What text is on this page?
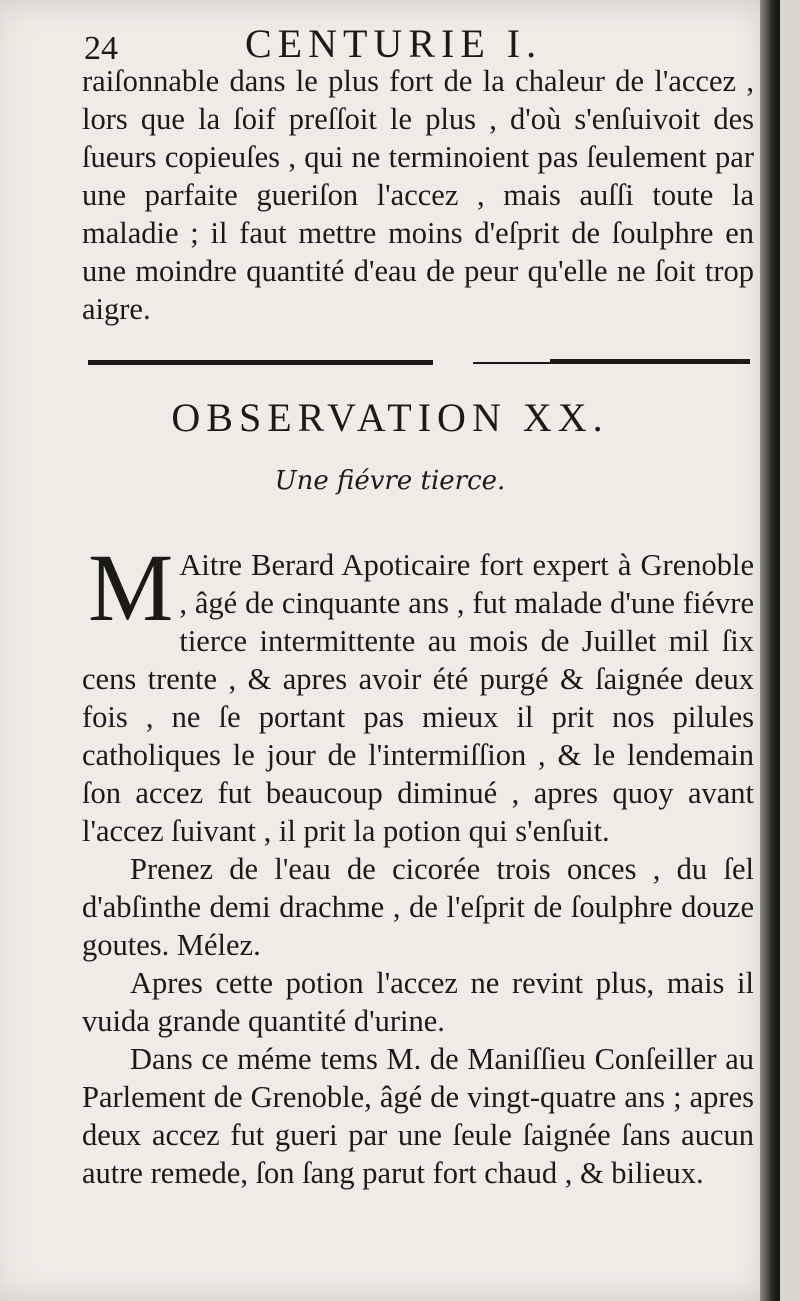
24	CENTURIE I.

raiſonnable dans le plus fort de la chaleur de l'accez , lors que la ſoif preſſoit le plus , d'où s'enſuivoit des ſueurs copieuſes , qui ne terminoient pas ſeulement par une parfaite gueriſon l'accez , mais auſſi toute la maladie ; il faut mettre moins d'eſprit de ſoulphre en une moindre quantité d'eau de peur qu'elle ne ſoit trop aigre.

OBSERVATION XX.
Une fiévre tierce.

M Aitre Berard Apoticaire fort expert à Grenoble , âgé de cinquante ans , fut malade d'une fiévre tierce intermittente au mois de Juillet mil ſix cens trente , & apres avoir été purgé & ſaignée deux fois , ne ſe portant pas mieux il prit nos pilules catholiques le jour de l'intermiſſion , & le lendemain ſon accez fut beaucoup diminué , apres quoy avant l'accez ſuivant , il prit la potion qui s'enſuit.

Prenez de l'eau de cicorée trois onces , du ſel d'abſinthe demi drachme , de l'eſprit de ſoulphre douze goutes. Mélez.

Apres cette potion l'accez ne revint plus, mais il vuida grande quantité d'urine.

Dans ce méme tems M. de Maniſſieu Conſeiller au Parlement de Grenoble, âgé de vingt-quatre ans ; apres deux accez fut gueri par une ſeule ſaignée ſans aucun autre remede, ſon ſang parut fort chaud , & bilieux.
